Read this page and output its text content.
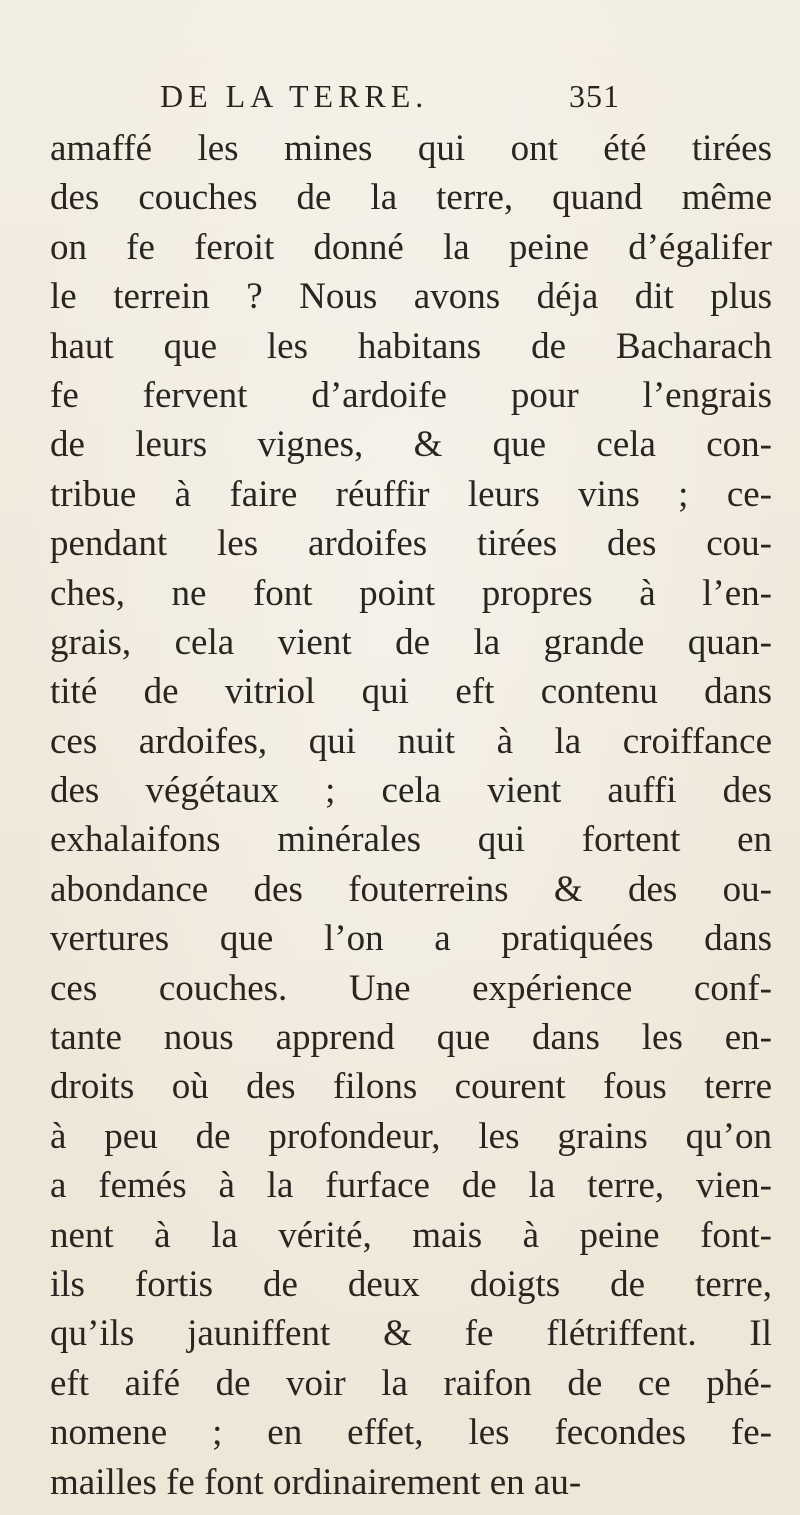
DE LA TERRE.	351
amaffé les mines qui ont été tirées
des couches de la terre, quand même
on fe feroit donné la peine d’égalifer
le terrein ? Nous avons déja dit plus
haut que les habitans de Bacharach
fe fervent d’ardoife pour l’engrais
de leurs vignes, & que cela con-
tribue à faire réuffir leurs vins ; ce-
pendant les ardoifes tirées des cou-
ches, ne font point propres à l’en-
grais, cela vient de la grande quan-
tité de vitriol qui eft contenu dans
ces ardoifes, qui nuit à la croiffance
des végétaux ; cela vient auffi des
exhalaifons minérales qui fortent en
abondance des fouterreins & des ou-
vertures que l’on a pratiquées dans
ces couches. Une expérience conf-
tante nous apprend que dans les en-
droits où des filons courent fous terre
à peu de profondeur, les grains qu’on
a femés à la furface de la terre, vien-
nent à la vérité, mais à peine font-
ils fortis de deux doigts de terre,
qu’ils jauniffent & fe flétriffent. Il
eft aifé de voir la raifon de ce phé-
nomene ; en effet, les fecondes fe-
mailles fe font ordinairement en au-
